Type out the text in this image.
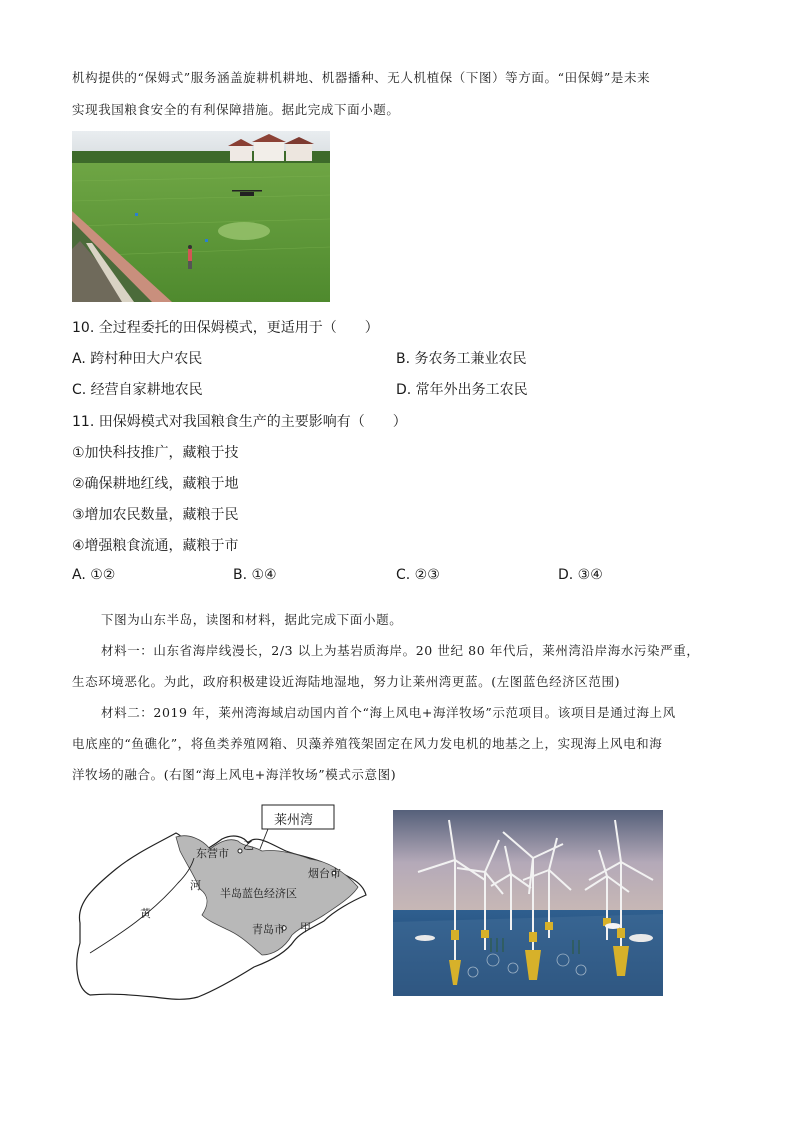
机构提供的“保姆式”服务涵盖旋耕机耕地、机器播种、无人机植保（下图）等方面。“田保姆”是未来
实现我国粮食安全的有利保障措施。据此完成下面小题。
10. 全过程委托的田保姆模式，更适用于（　　）
A. 跨村种田大户农民	B. 务农务工兼业农民
C. 经营自家耕地农民	D. 常年外出务工农民
11. 田保姆模式对我国粮食生产的主要影响有（　　）
①加快科技推广，藏粮于技
②确保耕地红线，藏粮于地
③增加农民数量，藏粮于民
④增强粮食流通，藏粮于市
A. ①②	B. ①④	C. ②③	D. ③④
下图为山东半岛，读图和材料，据此完成下面小题。
材料一：山东省海岸线漫长，2/3 以上为基岩质海岸。20 世纪 80 年代后，莱州湾沿岸海水污染严重，
生态环境恶化。为此，政府积极建设近海陆地湿地，努力让莱州湾更蓝。(左图蓝色经济区范围)
材料二：2019 年，莱州湾海域启动国内首个“海上风电+海洋牧场”示范项目。该项目是通过海上风
电底座的“鱼礁化”，将鱼类养殖网箱、贝藻养殖筏架固定在风力发电机的地基之上，实现海上风电和海
洋牧场的融合。(右图“海上风电+海洋牧场”模式示意图)
莱州湾
东营市
乙
烟台市
河
半岛蓝色经济区
黄
青岛市 甲
